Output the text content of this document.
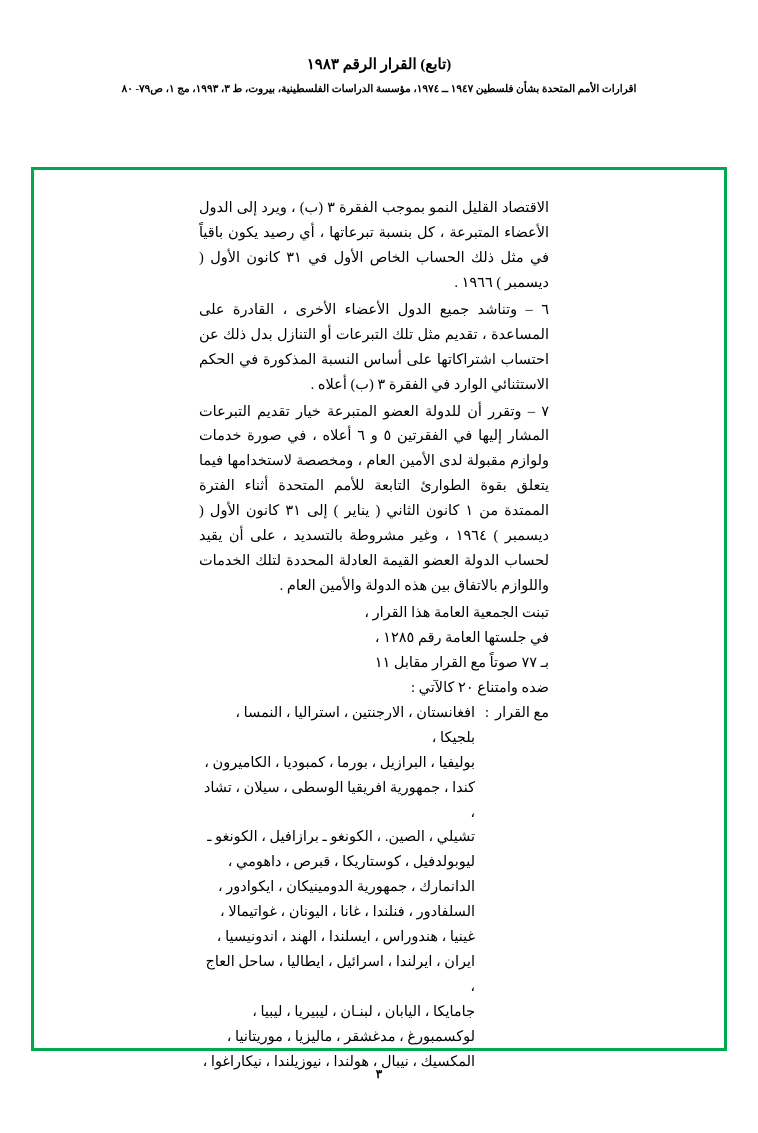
(تابع) القرار الرقم ١٩٨٣
اقرارات الأمم المتحدة بشأن فلسطين ١٩٤٧ ــ ١٩٧٤، مؤسسة الدراسات الفلسطينية، بيروت، ط ٣، ١٩٩٣، مج ١، ص٧٩- ٨٠

الاقتصاد القليل النمو بموجب الفقرة ٣ (ب) ، ويرد إلى الدول الأعضاء المتبرعة ، كل بنسبة تبرعاتها ، أي رصيد يكون باقياً في مثل ذلك الحساب الخاص الأول في ٣١ كانون الأول ( ديسمبر ) ١٩٦٦ .

٦ – وتناشد جميع الدول الأعضاء الأخرى ، القادرة على المساعدة ، تقديم مثل تلك التبرعات أو التنازل بدل ذلك عن احتساب اشتراكاتها على أساس النسبة المذكورة في الحكم الاستثنائي الوارد في الفقرة ٣ (ب) أعلاه .

٧ – وتقرر أن للدولة العضو المتبرعة خيار تقديم التبرعات المشار إليها في الفقرتين ٥ و ٦ أعلاه ، في صورة خدمات ولوازم مقبولة لدى الأمين العام ، ومخصصة لاستخدامها فيما يتعلق بقوة الطوارئ التابعة للأمم المتحدة أثناء الفترة الممتدة من ١ كانون الثاني ( يناير ) إلى ٣١ كانون الأول ( ديسمبر ) ١٩٦٤ ، وغير مشروطة بالتسديد ، على أن يقيد لحساب الدولة العضو القيمة العادلة المحددة لتلك الخدمات واللوازم بالاتفاق بين هذه الدولة والأمين العام .

تبنت الجمعية العامة هذا القرار ،

في جلستها العامة رقم ١٢٨٥ ،

بـ ٧٧ صوتاً مع القرار مقابل ١١

ضده وامتناع ٢٠ كالآتي :

مع القرار
:

افغانستان ، الارجنتين ، استراليا ، النمسا ، بلجيكا ،

بوليفيا ، البرازيل ، بورما ، كمبوديا ، الكاميرون ،

كندا ، جمهورية افريقيا الوسطى ، سيلان ، تشاد ،

تشيلي ، الصين. ، الكونغو ـ برازافيل ، الكونغو ـ

ليوبولدفيل ، كوستاريكا ، قبرص ، داهومي ،

الدانمارك ، جمهورية الدومينيكان ، ايكوادور ،

السلفادور ، فنلندا ، غانا ، اليونان ، غواتيمالا ،

غينيا ، هندوراس ، ايسلندا ، الهند ، اندونيسيا ،

ايران ، ايرلندا ، اسرائيل ، ايطاليا ، ساحل العاج ،

جامايكا ، اليابان ، لبنـان ، ليبيريا ، ليبيا ،

لوكسمبورغ ، مدغشقر ، ماليزيا ، موريتانيا ،

المكسيك ، نيبال ، هولندا ، نيوزيلندا ، نيكاراغوا ،

٣
